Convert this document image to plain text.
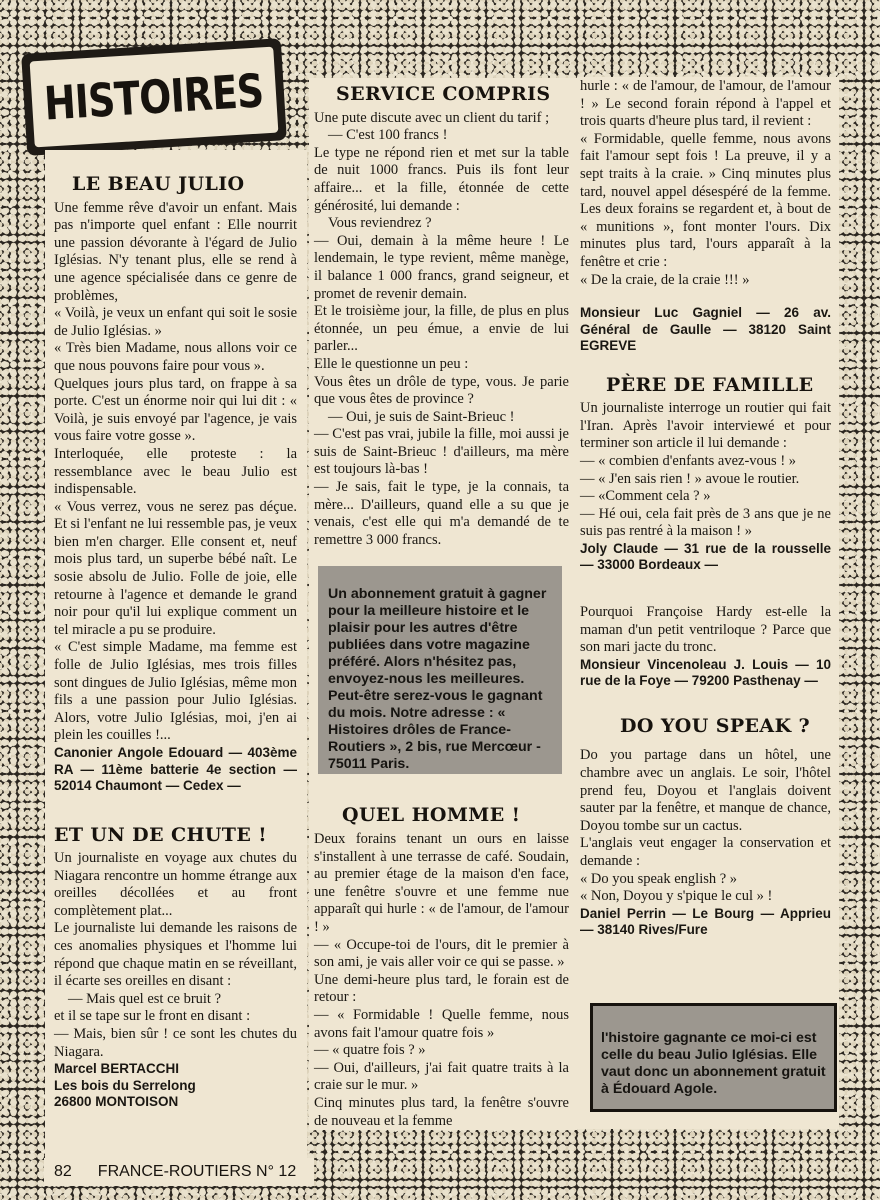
HISTOIRES
LE BEAU JULIO

Une femme rêve d'avoir un enfant. Mais pas n'importe quel enfant : Elle nourrit une passion dévorante à l'égard de Julio Iglésias. N'y tenant plus, elle se rend à une agence spécialisée dans ce genre de problèmes,

« Voilà, je veux un enfant qui soit le sosie de Julio Iglésias. »

« Très bien Madame, nous allons voir ce que nous pouvons faire pour vous ».

Quelques jours plus tard, on frappe à sa porte. C'est un énorme noir qui lui dit : « Voilà, je suis envoyé par l'agence, je vais vous faire votre gosse ».

Interloquée, elle proteste : la ressemblance avec le beau Julio est indispensable.

« Vous verrez, vous ne serez pas déçue. Et si l'enfant ne lui ressemble pas, je veux bien m'en charger. Elle consent et, neuf mois plus tard, un superbe bébé naît. Le sosie absolu de Julio. Folle de joie, elle retourne à l'agence et demande le grand noir pour qu'il lui explique comment un tel miracle a pu se produire.

« C'est simple Madame, ma femme est folle de Julio Iglésias, mes trois filles sont dingues de Julio Iglésias, même mon fils a une passion pour Julio Iglésias. Alors, votre Julio Iglésias, moi, j'en ai plein les couilles !...

Canonier Angole Edouard — 403ème RA — 11ème batterie 4e section — 52014 Chaumont — Cedex —

ET UN DE CHUTE !

Un journaliste en voyage aux chutes du Niagara rencontre un homme étrange aux oreilles décollées et au front complètement plat...

Le journaliste lui demande les raisons de ces anomalies physiques et l'homme lui répond que chaque matin en se réveillant, il écarte ses oreilles en disant :

— Mais quel est ce bruit ?

et il se tape sur le front en disant :

— Mais, bien sûr ! ce sont les chutes du Niagara.

Marcel BERTACCHI

Les bois du Serrelong

26800 MONTOISON

SERVICE COMPRIS

Une pute discute avec un client du tarif ;

— C'est 100 francs !

Le type ne répond rien et met sur la table de nuit 1000 francs. Puis ils font leur affaire... et la fille, étonnée de cette générosité, lui demande :

Vous reviendrez ?

— Oui, demain à la même heure ! Le lendemain, le type revient, même manège, il balance 1 000 francs, grand seigneur, et promet de revenir demain.

Et le troisième jour, la fille, de plus en plus étonnée, un peu émue, a envie de lui parler...

Elle le questionne un peu :

Vous êtes un drôle de type, vous. Je parie que vous êtes de province ?

— Oui, je suis de Saint-Brieuc !

— C'est pas vrai, jubile la fille, moi aussi je suis de Saint-Brieuc ! d'ailleurs, ma mère est toujours là-bas !

— Je sais, fait le type, je la connais, ta mère... D'ailleurs, quand elle a su que je venais, c'est elle qui m'a demandé de te remettre 3 000 francs.

QUEL HOMME !

Deux forains tenant un ours en laisse s'installent à une terrasse de café. Soudain, au premier étage de la maison d'en face, une fenêtre s'ouvre et une femme nue apparaît qui hurle : « de l'amour, de l'amour ! »

— « Occupe-toi de l'ours, dit le premier à son ami, je vais aller voir ce qui se passe. »

Une demi-heure plus tard, le forain est de retour :

— « Formidable ! Quelle femme, nous avons fait l'amour quatre fois »

— « quatre fois ? »

— Oui, d'ailleurs, j'ai fait quatre traits à la craie sur le mur. »

Cinq minutes plus tard, la fenêtre s'ouvre de nouveau et la femme

Un abonnement gratuit à gagner pour la meilleure histoire et le plaisir pour les autres d'être publiées dans votre magazine préféré. Alors n'hésitez pas, envoyez-nous les meilleures. Peut-être serez-vous le gagnant du mois. Notre adresse : « Histoires drôles de France-Routiers », 2 bis, rue Mercœur - 75011 Paris.

hurle : « de l'amour, de l'amour, de l'amour ! » Le second forain répond à l'appel et trois quarts d'heure plus tard, il revient :

« Formidable, quelle femme, nous avons fait l'amour sept fois ! La preuve, il y a sept traits à la craie. » Cinq minutes plus tard, nouvel appel désespéré de la femme. Les deux forains se regardent et, à bout de « munitions », font monter l'ours. Dix minutes plus tard, l'ours apparaît à la fenêtre et crie :

« De la craie, de la craie !!! »

Monsieur Luc Gagniel — 26 av. Général de Gaulle — 38120 Saint EGREVE

PÈRE DE FAMILLE

Un journaliste interroge un routier qui fait l'Iran. Après l'avoir interviewé et pour terminer son article il lui demande :

— « combien d'enfants avez-vous ! »

— « J'en sais rien ! » avoue le routier.

— «Comment cela ? »

— Hé oui, cela fait près de 3 ans que je ne suis pas rentré à la maison ! »

Joly Claude — 31 rue de la rousselle — 33000 Bordeaux —

Pourquoi Françoise Hardy est-elle la maman d'un petit ventriloque ? Parce que son mari jacte du tronc.

Monsieur Vincenoleau J. Louis — 10 rue de la Foye — 79200 Pasthenay —

DO YOU SPEAK ?

Do you partage dans un hôtel, une chambre avec un anglais. Le soir, l'hôtel prend feu, Doyou et l'anglais doivent sauter par la fenêtre, et manque de chance, Doyou tombe sur un cactus.

L'anglais veut engager la conservation et demande :

« Do you speak english ? »

« Non, Doyou y s'pique le cul » !

Daniel Perrin — Le Bourg — Apprieu — 38140 Rives/Fure

l'histoire gagnante ce moi-ci est celle du beau Julio Iglésias. Elle vaut donc un abonnement gratuit à Édouard Agole.

82 FRANCE-ROUTIERS N° 12
